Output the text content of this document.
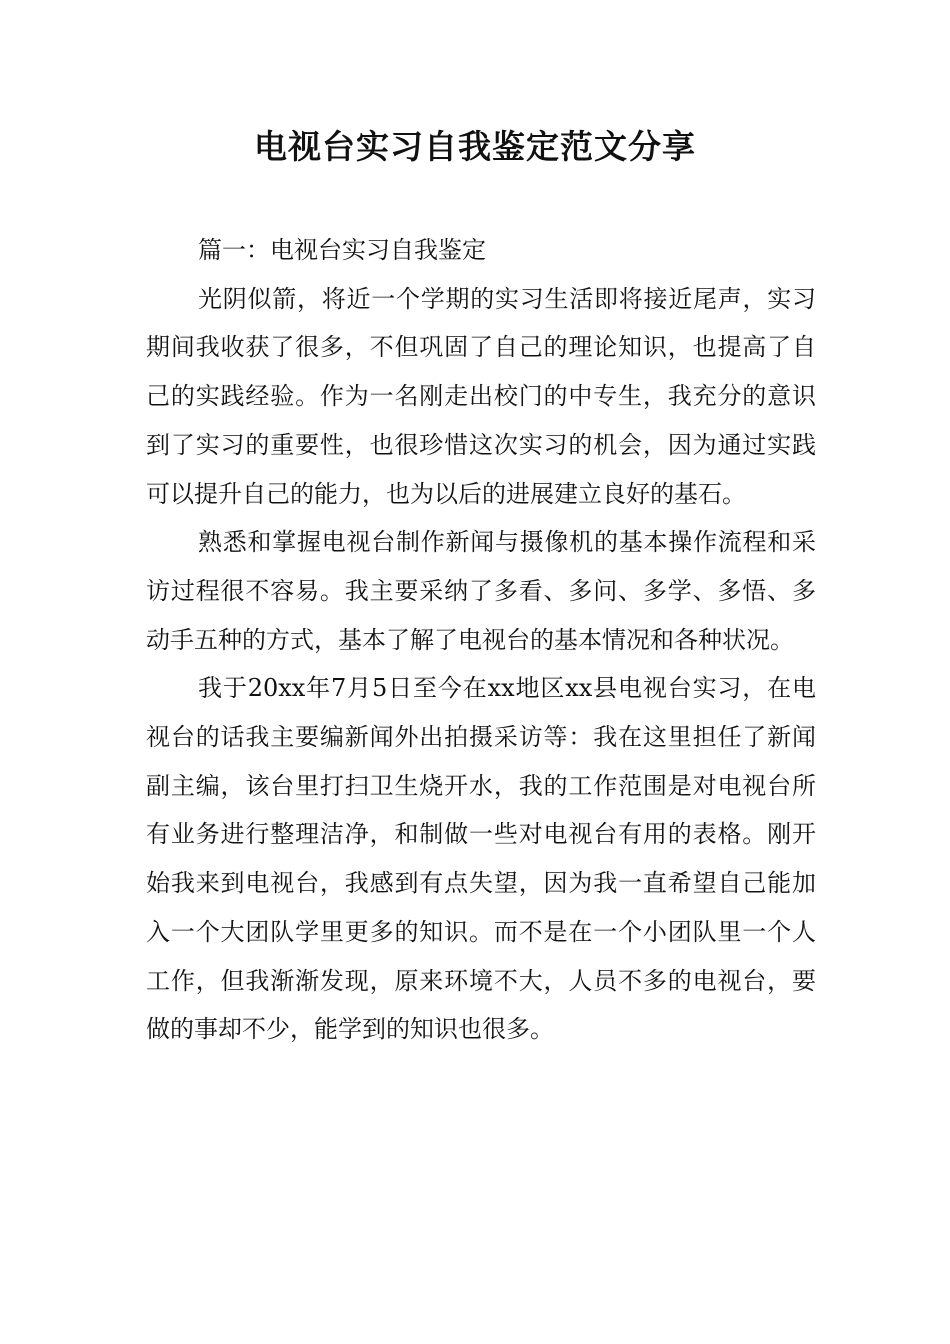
电视台实习自我鉴定范文分享

篇一：电视台实习自我鉴定

光阴似箭，将近一个学期的实习生活即将接近尾声，实习期间我收获了很多，不但巩固了自己的理论知识，也提高了自己的实践经验。作为一名刚走出校门的中专生，我充分的意识到了实习的重要性，也很珍惜这次实习的机会，因为通过实践可以提升自己的能力，也为以后的进展建立良好的基石。

熟悉和掌握电视台制作新闻与摄像机的基本操作流程和采访过程很不容易。我主要采纳了多看、多问、多学、多悟、多动手五种的方式，基本了解了电视台的基本情况和各种状况。

我于20xx年7月5日至今在xx地区xx县电视台实习，在电视台的话我主要编新闻外出拍摄采访等：我在这里担任了新闻副主编，该台里打扫卫生烧开水，我的工作范围是对电视台所有业务进行整理洁净，和制做一些对电视台有用的表格。刚开始我来到电视台，我感到有点失望，因为我一直希望自己能加入一个大团队学里更多的知识。而不是在一个小团队里一个人工作，但我渐渐发现，原来环境不大，人员不多的电视台，要做的事却不少，能学到的知识也很多。
